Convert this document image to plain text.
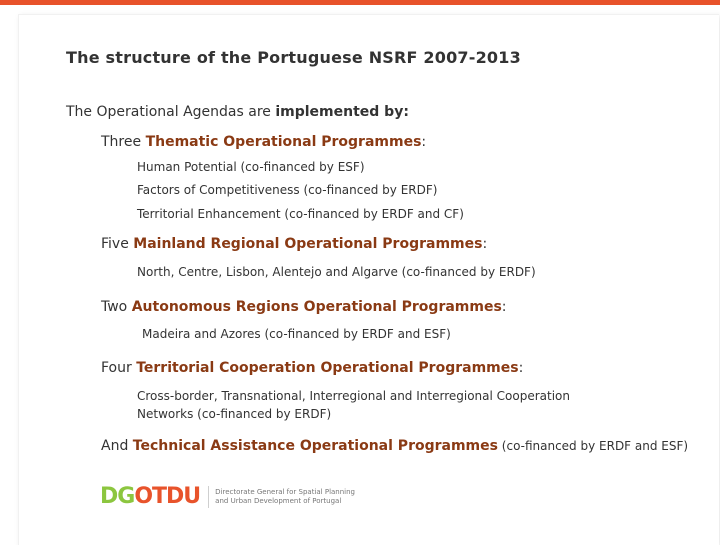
The structure of the Portuguese NSRF 2007-2013
The Operational Agendas are implemented by:
Three Thematic Operational Programmes:
Human Potential (co-financed by ESF)
Factors of Competitiveness (co-financed by ERDF)
Territorial Enhancement (co-financed by ERDF and CF)
Five Mainland Regional Operational Programmes:
North, Centre, Lisbon, Alentejo and Algarve (co-financed by ERDF)
Two Autonomous Regions Operational Programmes:
Madeira and Azores (co-financed by ERDF and ESF)
Four Territorial Cooperation Operational Programmes:
Cross-border, Transnational, Interregional and Interregional Cooperation
Networks (co-financed by ERDF)
And Technical Assistance Operational Programmes (co-financed by ERDF and ESF)
DGOTDU Directorate General for Spatial Planning
and Urban Development of Portugal
